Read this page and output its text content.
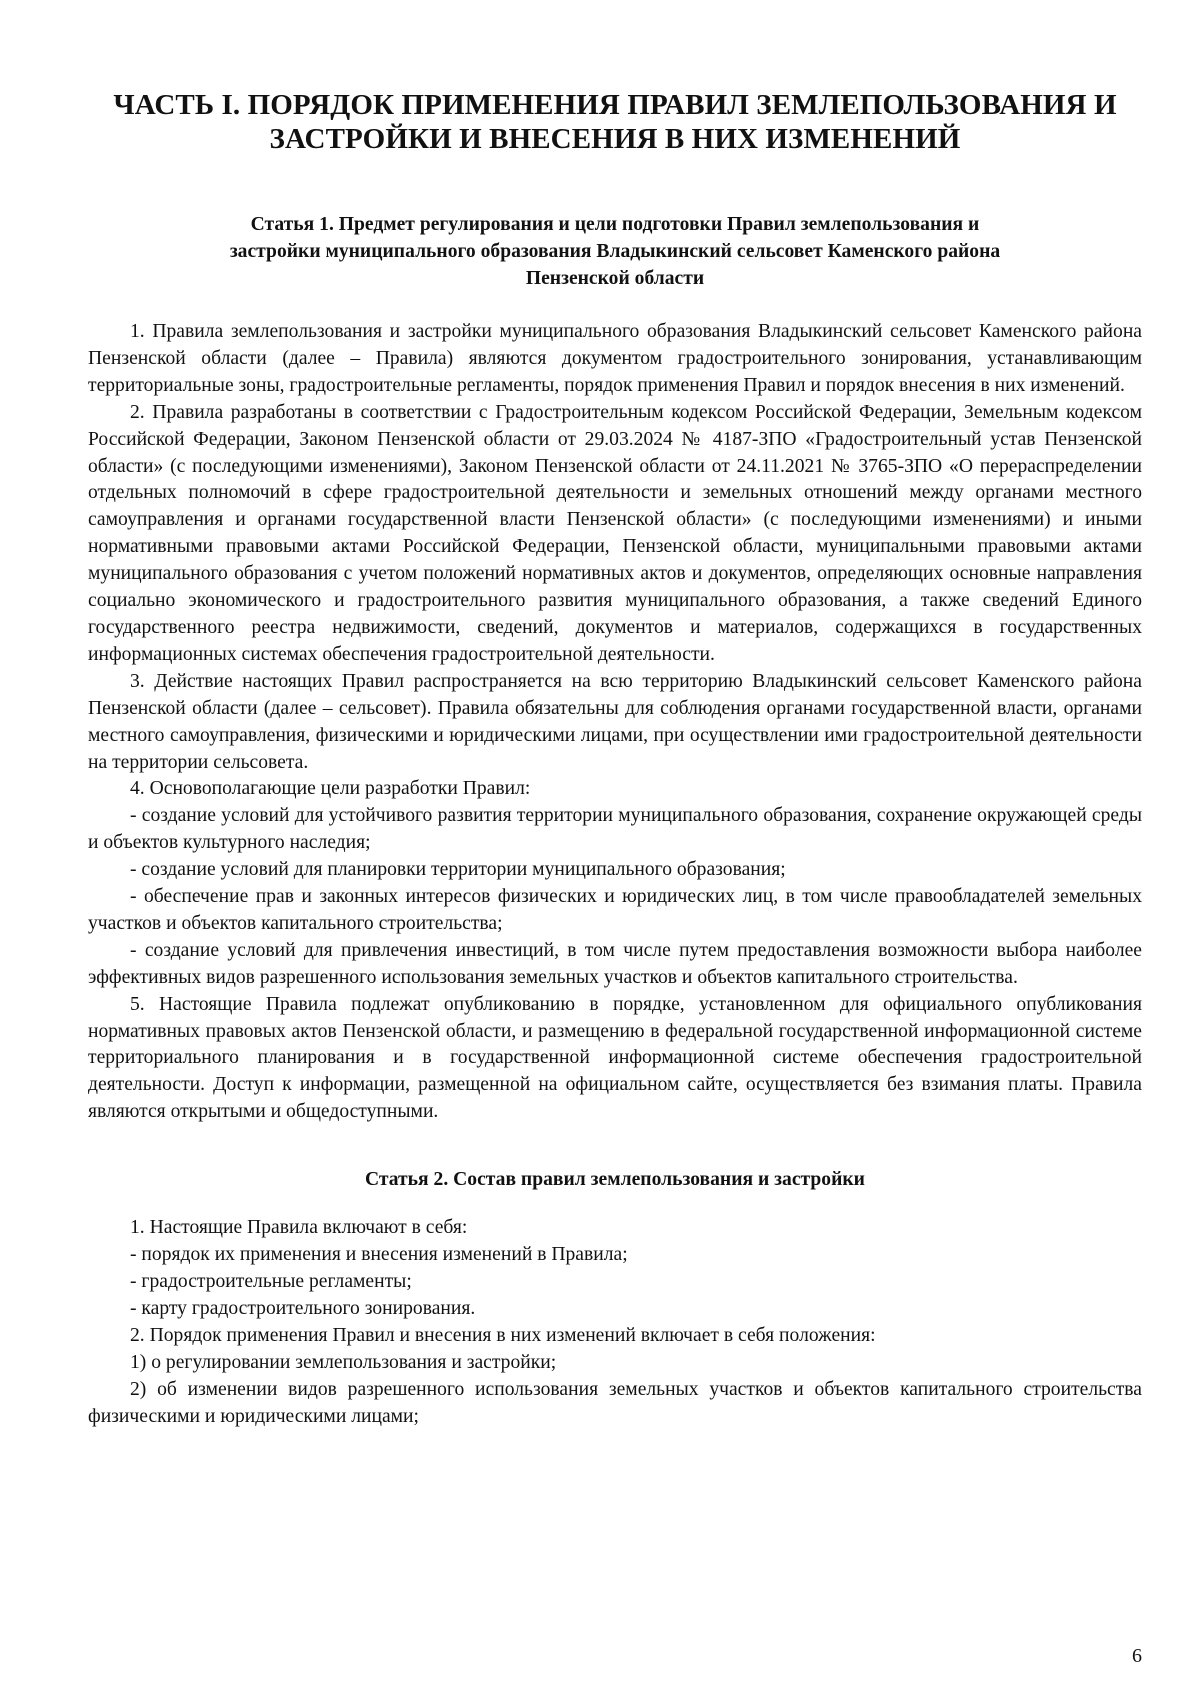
ЧАСТЬ I. ПОРЯДОК ПРИМЕНЕНИЯ ПРАВИЛ ЗЕМЛЕПОЛЬЗОВАНИЯ И
ЗАСТРОЙКИ И ВНЕСЕНИЯ В НИХ ИЗМЕНЕНИЙ
Статья 1. Предмет регулирования и цели подготовки Правил землепользования и
застройки муниципального образования Владыкинский сельсовет Каменского района
Пензенской области

1. Правила землепользования и застройки муниципального образования Владыкинский сельсовет Каменского района Пензенской области (далее – Правила) являются документом градостроительного зонирования, устанавливающим территориальные зоны, градостроительные регламенты, порядок применения Правил и порядок внесения в них изменений.

2. Правила разработаны в соответствии с Градостроительным кодексом Российской Федерации, Земельным кодексом Российской Федерации, Законом Пензенской области от 29.03.2024 № 4187-ЗПО «Градостроительный устав Пензенской области» (с последующими изменениями), Законом Пензенской области от 24.11.2021 № 3765-ЗПО «О перераспределении отдельных полномочий в сфере градостроительной деятельности и земельных отношений между органами местного самоуправления и органами государственной власти Пензенской области» (с последующими изменениями) и иными нормативными правовыми актами Российской Федерации, Пензенской области, муниципальными правовыми актами муниципального образования с учетом положений нормативных актов и документов, определяющих основные направления социально экономического и градостроительного развития муниципального образования, а также сведений Единого государственного реестра недвижимости, сведений, документов и материалов, содержащихся в государственных информационных системах обеспечения градостроительной деятельности.

3. Действие настоящих Правил распространяется на всю территорию Владыкинский сельсовет Каменского района Пензенской области (далее – сельсовет). Правила обязательны для соблюдения органами государственной власти, органами местного самоуправления, физическими и юридическими лицами, при осуществлении ими градостроительной деятельности на территории сельсовета.

4. Основополагающие цели разработки Правил:

- создание условий для устойчивого развития территории муниципального образования, сохранение окружающей среды и объектов культурного наследия;

- создание условий для планировки территории муниципального образования;

- обеспечение прав и законных интересов физических и юридических лиц, в том числе правообладателей земельных участков и объектов капитального строительства;

- создание условий для привлечения инвестиций, в том числе путем предоставления возможности выбора наиболее эффективных видов разрешенного использования земельных участков и объектов капитального строительства.

5. Настоящие Правила подлежат опубликованию в порядке, установленном для официального опубликования нормативных правовых актов Пензенской области, и размещению в федеральной государственной информационной системе территориального планирования и в государственной информационной системе обеспечения градостроительной деятельности. Доступ к информации, размещенной на официальном сайте, осуществляется без взимания платы. Правила являются открытыми и общедоступными.

Статья 2. Состав правил землепользования и застройки

1. Настоящие Правила включают в себя:

- порядок их применения и внесения изменений в Правила;

- градостроительные регламенты;

- карту градостроительного зонирования.

2. Порядок применения Правил и внесения в них изменений включает в себя положения:

1) о регулировании землепользования и застройки;

2) об изменении видов разрешенного использования земельных участков и объектов капитального строительства физическими и юридическими лицами;

6
